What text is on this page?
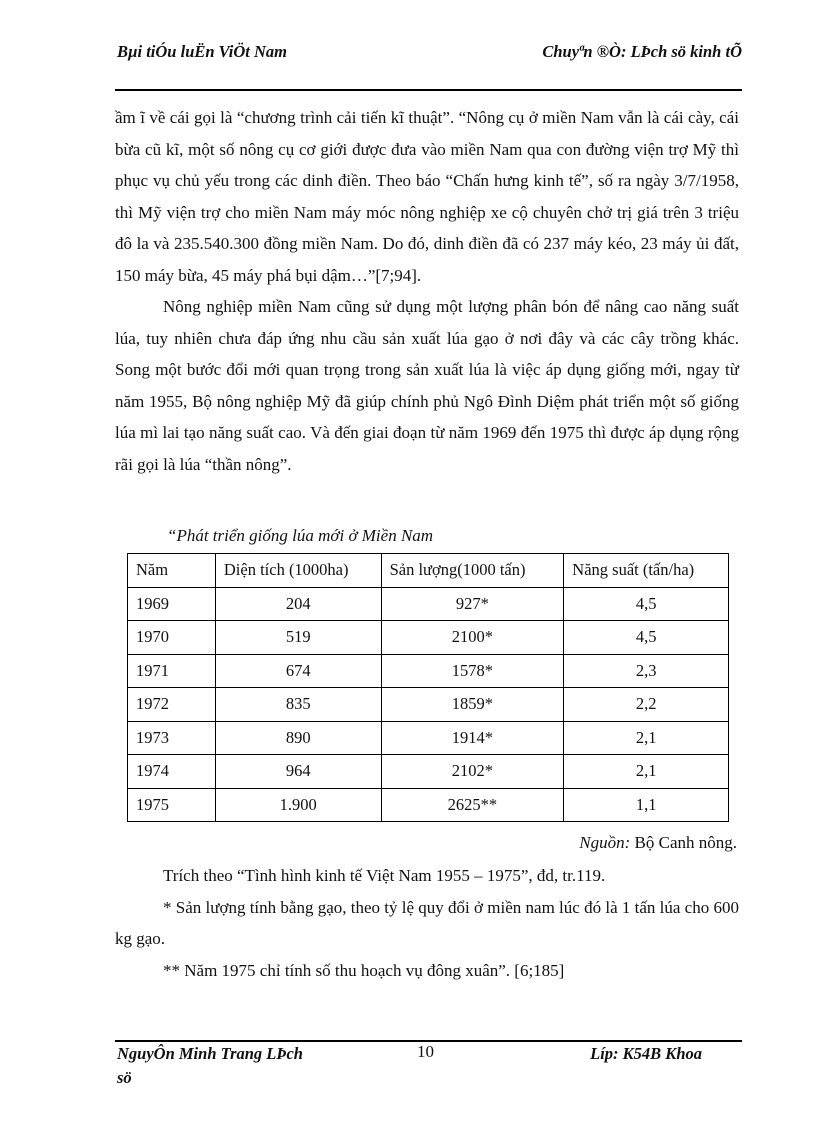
Bµi tiÓu luËn ViÖt Nam	Chuyªn ®Ò: LÞch sö kinh tÕ

ầm ĩ về cái gọi là “chương trình cải tiến kĩ thuật”. “Nông cụ ở miền Nam vẫn là cái cày, cái bừa cũ kĩ, một số nông cụ cơ giới được đưa vào miền Nam qua con đường viện trợ Mỹ thì phục vụ chủ yếu trong các dinh điền. Theo báo “Chấn hưng kinh tế”, số ra ngày 3/7/1958, thì Mỹ viện trợ cho miền Nam máy móc nông nghiệp xe cộ chuyên chở trị giá trên 3 triệu đô la và 235.540.300 đồng miền Nam. Do đó, dinh điền đã có 237 máy kéo, 23 máy ủi đất, 150 máy bừa, 45 máy phá bụi dậm…”[7;94].

Nông nghiệp miền Nam cũng sử dụng một lượng phân bón để nâng cao năng suất lúa, tuy nhiên chưa đáp ứng nhu cầu sản xuất lúa gạo ở nơi đây và các cây trồng khác. Song một bước đổi mới quan trọng trong sản xuất lúa là việc áp dụng giống mới, ngay từ năm 1955, Bộ nông nghiệp Mỹ đã giúp chính phủ Ngô Đình Diệm phát triển một số giống lúa mì lai tạo năng suất cao. Và đến giai đoạn từ năm 1969 đến 1975 thì được áp dụng rộng rãi gọi là lúa “thần nông”.

“Phát triển giống lúa mới ở Miền Nam
Năm	Diện tích (1000ha)	Sản lượng(1000 tấn)	Năng suất (tấn/ha)
1969	204	927*	4,5
1970	519	2100*	4,5
1971	674	1578*	2,3
1972	835	1859*	2,2
1973	890	1914*	2,1
1974	964	2102*	2,1
1975	1.900	2625**	1,1
Nguồn: Bộ Canh nông.

Trích theo “Tình hình kinh tế Việt Nam 1955 – 1975”, đd, tr.119.

* Sản lượng tính bằng gạo, theo tỷ lệ quy đổi ở miền nam lúc đó là 1 tấn lúa cho 600 kg gạo.

** Năm 1975 chỉ tính số thu hoạch vụ đông xuân”. [6;185]

NguyÔn Minh Trang LÞch sö
10	Líp: K54B Khoa
